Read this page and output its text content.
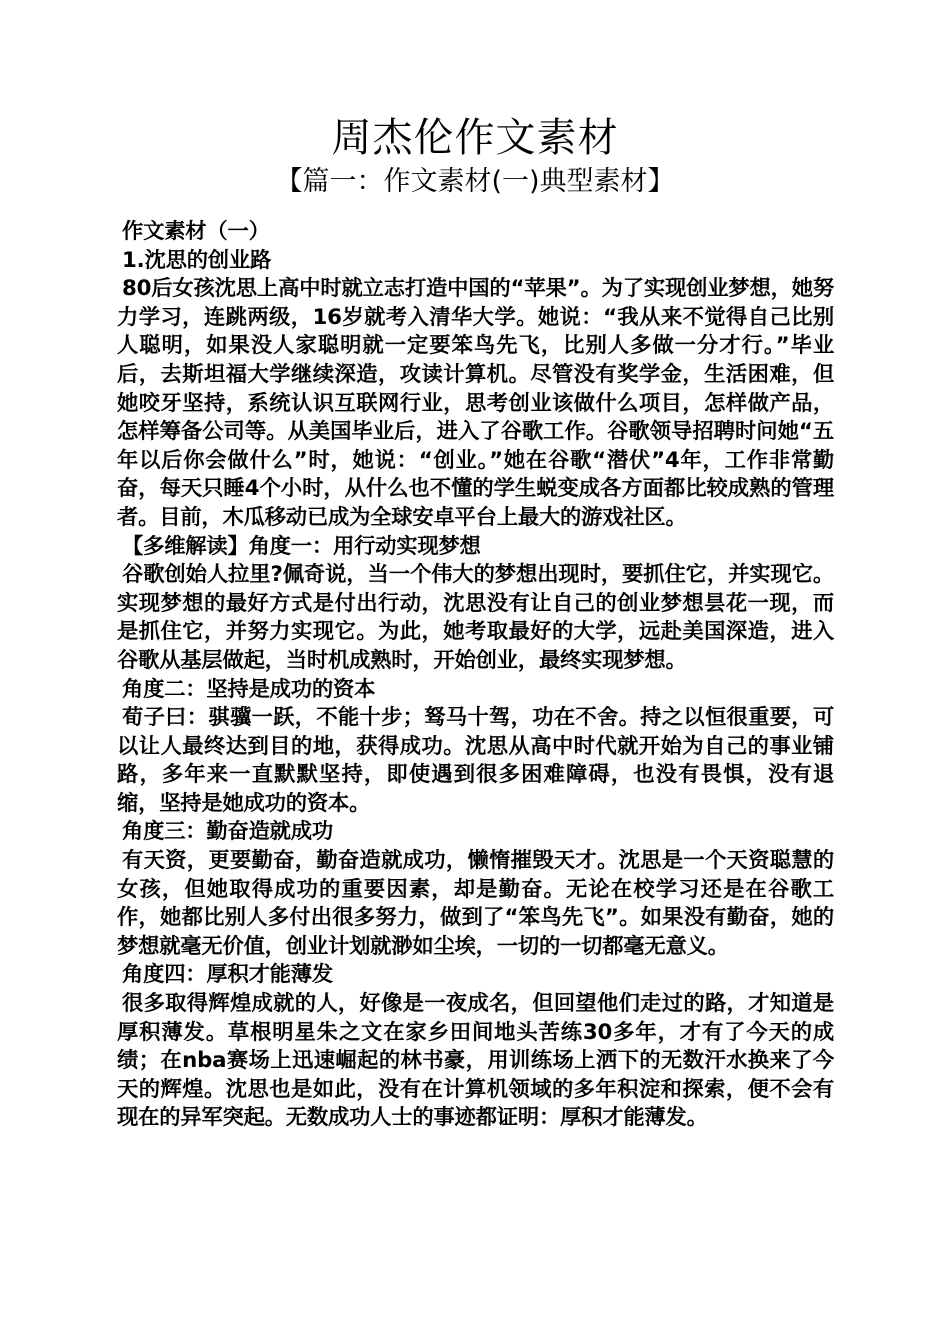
周杰伦作文素材
【篇一：作文素材(一)典型素材】

作文素材（一）

1.沈思的创业路

80后女孩沈思上高中时就立志打造中国的“苹果”。为了实现创业梦想，她努力学习，连跳两级，16岁就考入清华大学。她说：“我从来不觉得自己比别人聪明，如果没人家聪明就一定要笨鸟先飞，比别人多做一分才行。”毕业后，去斯坦福大学继续深造，攻读计算机。尽管没有奖学金，生活困难，但她咬牙坚持，系统认识互联网行业，思考创业该做什么项目，怎样做产品，怎样筹备公司等。从美国毕业后，进入了谷歌工作。谷歌领导招聘时问她“五年以后你会做什么”时，她说：“创业。”她在谷歌“潜伏”4年，工作非常勤奋，每天只睡4个小时，从什么也不懂的学生蜕变成各方面都比较成熟的管理者。目前，木瓜移动已成为全球安卓平台上最大的游戏社区。

【多维解读】角度一：用行动实现梦想

谷歌创始人拉里?佩奇说，当一个伟大的梦想出现时，要抓住它，并实现它。实现梦想的最好方式是付出行动，沈思没有让自己的创业梦想昙花一现，而是抓住它，并努力实现它。为此，她考取最好的大学，远赴美国深造，进入谷歌从基层做起，当时机成熟时，开始创业，最终实现梦想。

角度二：坚持是成功的资本

荀子曰：骐骥一跃，不能十步；驽马十驾，功在不舍。持之以恒很重要，可以让人最终达到目的地，获得成功。沈思从高中时代就开始为自己的事业铺路，多年来一直默默坚持，即使遇到很多困难障碍，也没有畏惧，没有退缩，坚持是她成功的资本。

角度三：勤奋造就成功

有天资，更要勤奋，勤奋造就成功，懒惰摧毁天才。沈思是一个天资聪慧的女孩，但她取得成功的重要因素，却是勤奋。无论在校学习还是在谷歌工作，她都比别人多付出很多努力，做到了“笨鸟先飞”。如果没有勤奋，她的梦想就毫无价值，创业计划就渺如尘埃，一切的一切都毫无意义。

角度四：厚积才能薄发

很多取得辉煌成就的人，好像是一夜成名，但回望他们走过的路，才知道是厚积薄发。草根明星朱之文在家乡田间地头苦练30多年，才有了今天的成绩；在nba赛场上迅速崛起的林书豪，用训练场上洒下的无数汗水换来了今天的辉煌。沈思也是如此，没有在计算机领域的多年积淀和探索，便不会有现在的异军突起。无数成功人士的事迹都证明：厚积才能薄发。
